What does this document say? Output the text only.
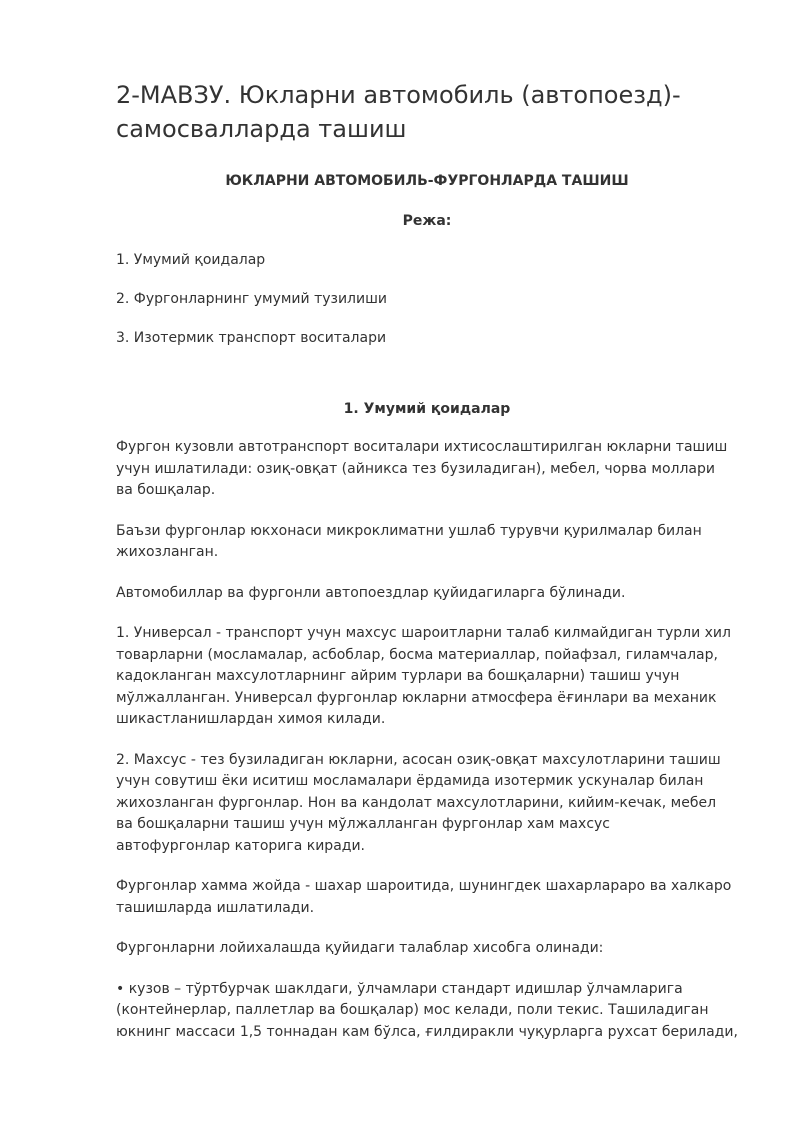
2-МАВЗУ. Юкларни автомобиль (автопоезд)-
самосвалларда ташиш
ЮКЛАРНИ АВТОМОБИЛЬ-ФУРГОНЛАРДА ТАШИШ
Режа:
1. Умумий қоидалар
2. Фургонларнинг умумий тузилиши
3. Изотермик транспорт воситалари
1. Умумий қоидалар

Фургон кузовли автотранспорт воситалари ихтисослаштирилган юкларни ташиш
учун ишлатилади: озиқ-овқат (айникса тез бузиладиган), мебел, чорва моллари
ва бошқалар.

Баъзи фургонлар юкхонаси микроклиматни ушлаб турувчи қурилмалар билан
жихозланган.

Автомобиллар ва фургонли автопоездлар қуйидагиларга бўлинади.

1. Универсал - транспорт учун махсус шароитларни талаб килмайдиган турли хил
товарларни (мосламалар, асбоблар, босма материаллар, пойафзал, гиламчалар,
кадокланган махсулотларнинг айрим турлари ва бошқаларни) ташиш учун
мўлжалланган. Универсал фургонлар юкларни атмосфера ёғинлари ва механик
шикастланишлардан химоя килади.

2. Махсус - тез бузиладиган юкларни, асосан озиқ-овқат махсулотларини ташиш
учун совутиш ёки иситиш мосламалари ёрдамида изотермик ускуналар билан
жихозланган фургонлар. Нон ва кандолат махсулотларини, кийим-кечак, мебел
ва бошқаларни ташиш учун мўлжалланган фургонлар хам махсус
автофургонлар каторига киради.

Фургонлар хамма жойда - шахар шароитида, шунингдек шахарлараро ва халкаро
ташишларда ишлатилади.

Фургонларни лойихалашда қуйидаги талаблар хисобга олинади:

• кузов – тўртбурчак шаклдаги, ўлчамлари стандарт идишлар ўлчамларига
(контейнерлар, паллетлар ва бошқалар) мос келади, поли текис. Ташиладиган
юкнинг массаси 1,5 тоннадан кам бўлса, ғилдиракли чуқурларга рухсат берилади,
